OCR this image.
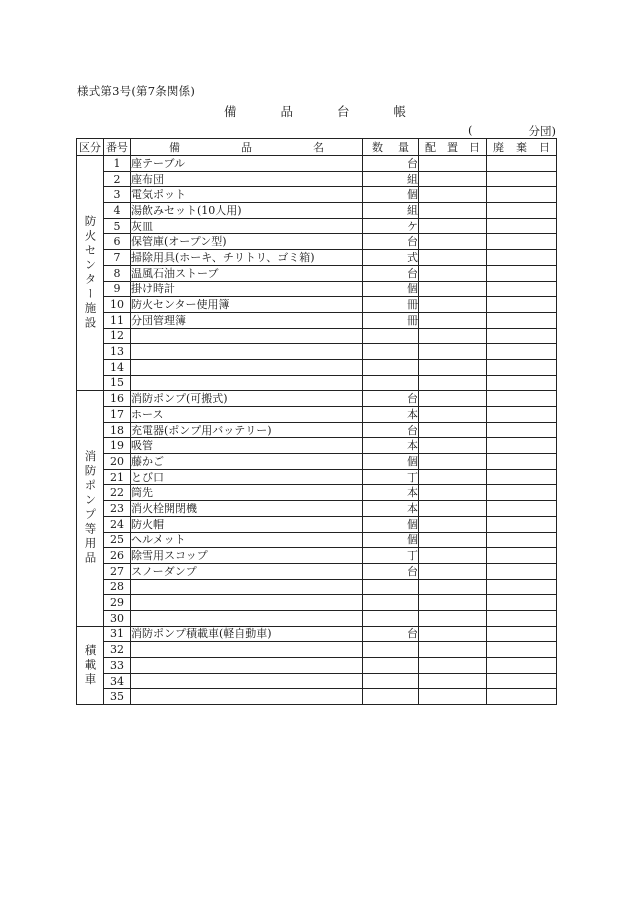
様式第3号(第7条関係)
備	品	台	帳
(	分団)
区分	番号	備 品 名	数 量	配 置 日	廃 棄 日

防火センター施設	1	座テーブル	台		
	2	座布団	組		
	3	電気ポット	個		
	4	湯飲みセット(10人用)	組		
	5	灰皿	ケ		
	6	保管庫(オープン型)	台		
	7	掃除用具(ホーキ、チリトリ、ゴミ箱)	式		
	8	温風石油ストーブ	台		
	9	掛け時計	個		
	10	防火センター使用簿	冊		
	11	分団管理簿	冊		
	12				
	13				
	14				
	15				

消防ポンプ等用品	16	消防ポンプ(可搬式)	台		
	17	ホース	本		
	18	充電器(ポンプ用バッテリー)	台		
	19	吸管	本		
	20	藤かご	個		
	21	とび口	丁		
	22	筒先	本		
	23	消火栓開閉機	本		
	24	防火帽	個		
	25	ヘルメット	個		
	26	除雪用スコップ	丁		
	27	スノーダンプ	台		
	28				
	29				
	30				

積載車	31	消防ポンプ積載車(軽自動車)	台		
	32				
	33				
	34				
	35				
